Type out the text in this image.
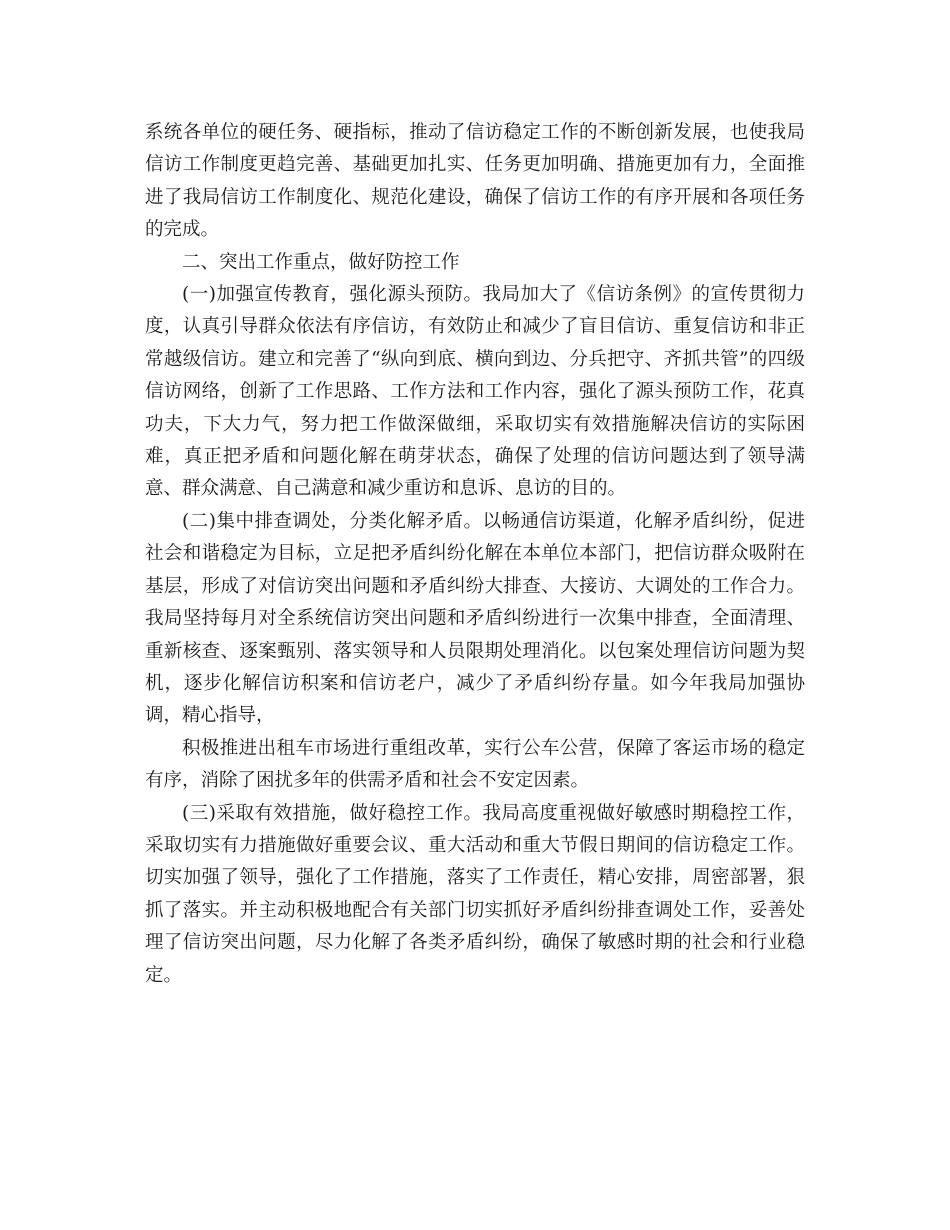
系统各单位的硬任务、硬指标，推动了信访稳定工作的不断创新发展，也使我局信访工作制度更趋完善、基础更加扎实、任务更加明确、措施更加有力，全面推进了我局信访工作制度化、规范化建设，确保了信访工作的有序开展和各项任务的完成。

二、突出工作重点，做好防控工作

(一)加强宣传教育，强化源头预防。我局加大了《信访条例》的宣传贯彻力度，认真引导群众依法有序信访，有效防止和减少了盲目信访、重复信访和非正常越级信访。建立和完善了“纵向到底、横向到边、分兵把守、齐抓共管”的四级信访网络，创新了工作思路、工作方法和工作内容，强化了源头预防工作，花真功夫，下大力气，努力把工作做深做细，采取切实有效措施解决信访的实际困难，真正把矛盾和问题化解在萌芽状态，确保了处理的信访问题达到了领导满意、群众满意、自己满意和减少重访和息诉、息访的目的。

(二)集中排查调处，分类化解矛盾。以畅通信访渠道，化解矛盾纠纷，促进社会和谐稳定为目标，立足把矛盾纠纷化解在本单位本部门，把信访群众吸附在基层，形成了对信访突出问题和矛盾纠纷大排查、大接访、大调处的工作合力。我局坚持每月对全系统信访突出问题和矛盾纠纷进行一次集中排查，全面清理、重新核查、逐案甄别、落实领导和人员限期处理消化。以包案处理信访问题为契机，逐步化解信访积案和信访老户，减少了矛盾纠纷存量。如今年我局加强协调，精心指导，

积极推进出租车市场进行重组改革，实行公车公营，保障了客运市场的稳定有序，消除了困扰多年的供需矛盾和社会不安定因素。

(三)采取有效措施，做好稳控工作。我局高度重视做好敏感时期稳控工作，采取切实有力措施做好重要会议、重大活动和重大节假日期间的信访稳定工作。切实加强了领导，强化了工作措施，落实了工作责任，精心安排，周密部署，狠抓了落实。并主动积极地配合有关部门切实抓好矛盾纠纷排查调处工作，妥善处理了信访突出问题，尽力化解了各类矛盾纠纷，确保了敏感时期的社会和行业稳定。
